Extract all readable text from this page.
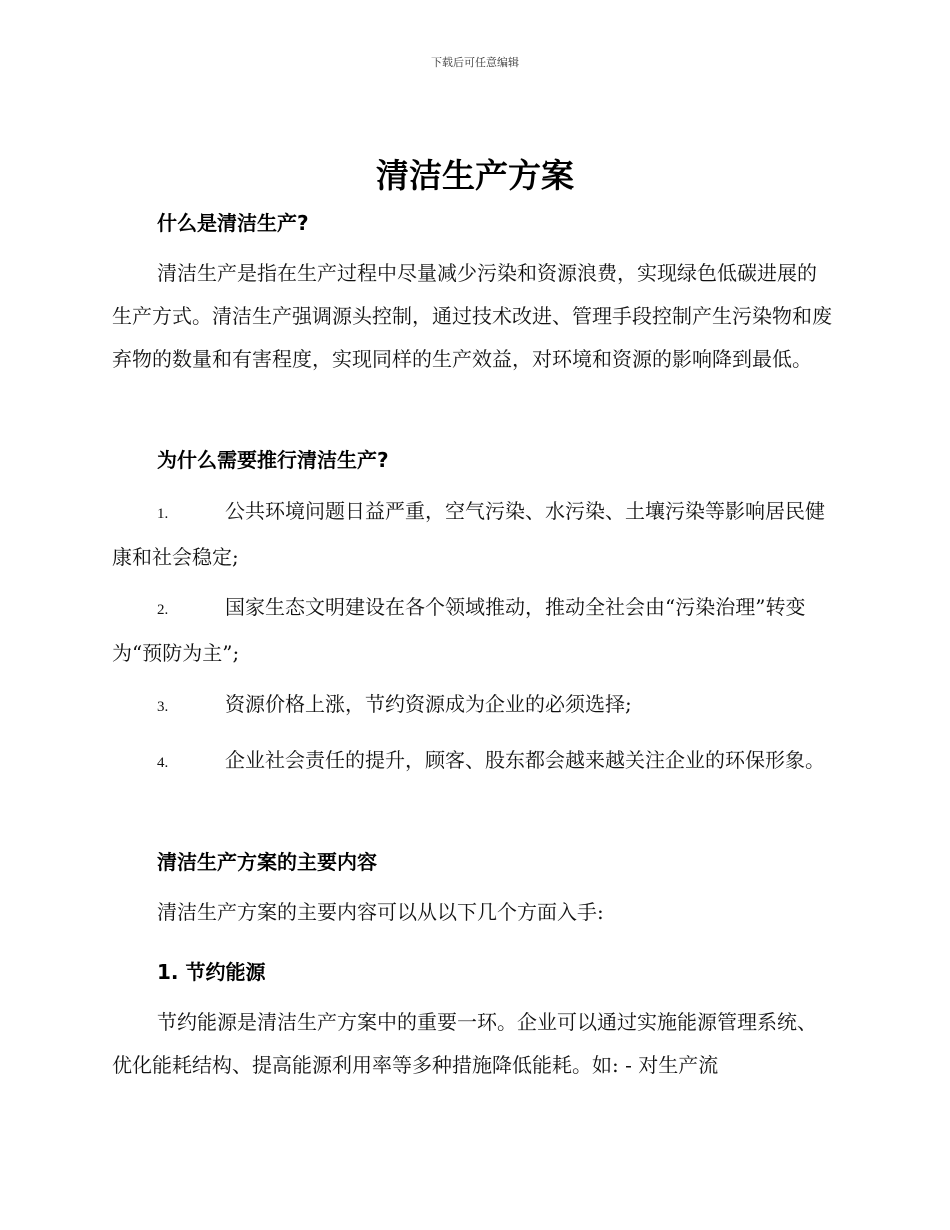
下载后可任意编辑
清洁生产方案
什么是清洁生产?
清洁生产是指在生产过程中尽量减少污染和资源浪费，实现绿色低碳进展的生产方式。清洁生产强调源头控制，通过技术改进、管理手段控制产生污染物和废弃物的数量和有害程度，实现同样的生产效益，对环境和资源的影响降到最低。
为什么需要推行清洁生产?
1.	公共环境问题日益严重，空气污染、水污染、土壤污染等影响居民健康和社会稳定;
2.	国家生态文明建设在各个领域推动，推动全社会由“污染治理”转变为“预防为主”;
3.	资源价格上涨，节约资源成为企业的必须选择;
4.	企业社会责任的提升，顾客、股东都会越来越关注企业的环保形象。
清洁生产方案的主要内容
清洁生产方案的主要内容可以从以下几个方面入手:
1. 节约能源
节约能源是清洁生产方案中的重要一环。企业可以通过实施能源管理系统、优化能耗结构、提高能源利用率等多种措施降低能耗。如: - 对生产流
